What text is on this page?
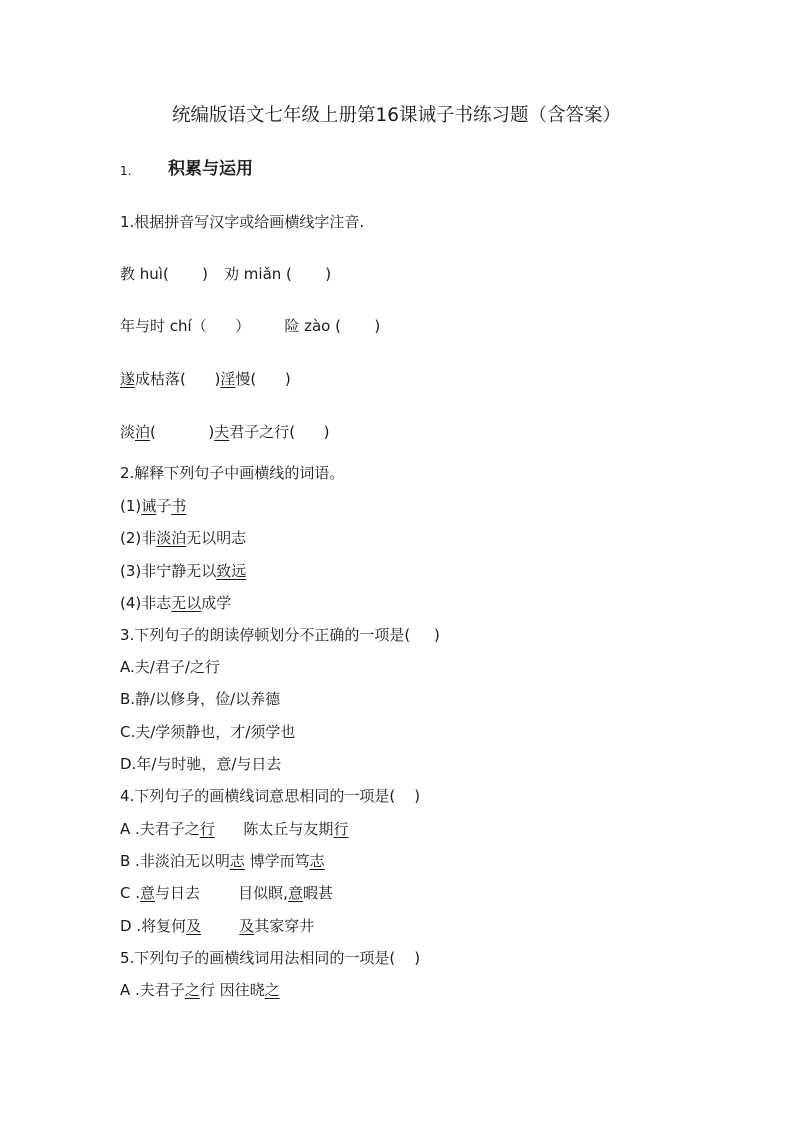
统编版语文七年级上册第16课诫子书练习题（含答案）
1. 积累与运用
1.根据拼音写汉字或给画横线字注音.
教 huì(       ) 劝 miǎn (       )
年与时 chí（      ） 险 zào (       )
遂成枯落(      )淫慢(      )
淡泊(           )夫君子之行(      )
2.解释下列句子中画横线的词语。
(1)诫子书
(2)非淡泊无以明志
(3)非宁静无以致远
(4)非志无以成学
3.下列句子的朗读停顿划分不正确的一项是(     )
A.夫/君子/之行
B.静/以修身，俭/以养德
C.夫/学须静也，才/须学也
D.年/与时驰，意/与日去
4.下列句子的画横线词意思相同的一项是(    )
A .夫君子之行      陈太丘与友期行
B .非淡泊无以明志 博学而笃志
C .意与日去        目似瞑,意暇甚
D .将复何及	及其家穿井
5.下列句子的画横线词用法相同的一项是(    )
A .夫君子之行 因往晓之
